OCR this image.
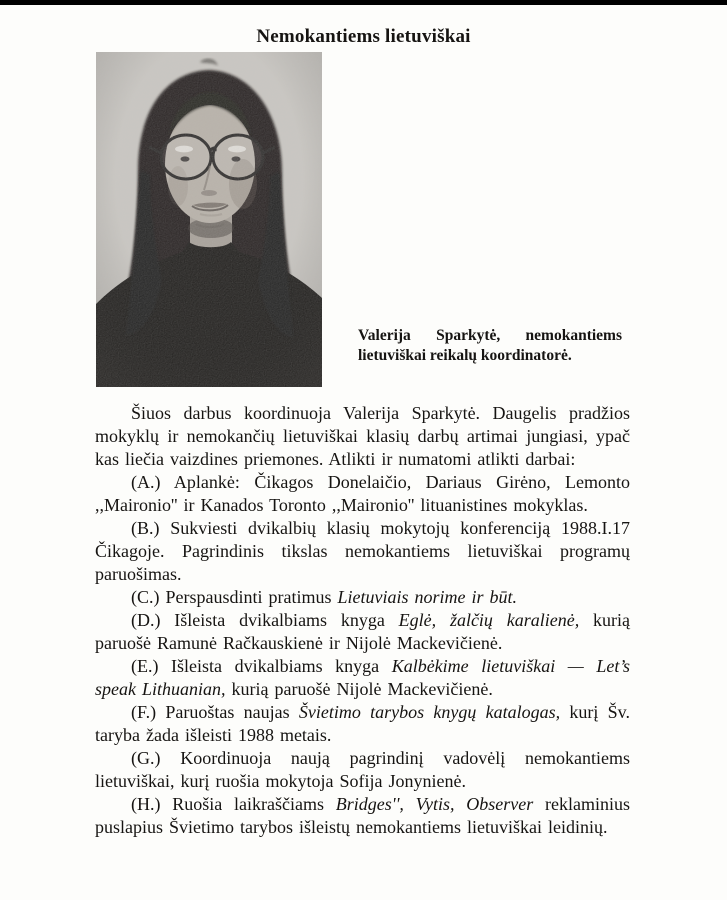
Nemokantiems lietuviškai
Valerija Sparkytė, nemokantiems lietuviškai reikalų koordinatorė.

Šiuos darbus koordinuoja Valerija Sparkytė. Daugelis pradžios mokyklų ir nemokančių lietuviškai klasių darbų artimai jungiasi, ypač kas liečia vaizdines priemones. Atlikti ir numatomi atlikti darbai:

(A.) Aplankė: Čikagos Donelaičio, Dariaus Girėno, Lemonto ,,Maironio'' ir Kanados Toronto ,,Maironio'' lituanistines mokyklas.

(B.) Sukviesti dvikalbių klasių mokytojų konferenciją 1988.I.17 Čikagoje. Pagrindinis tikslas nemokantiems lietuviškai programų paruošimas.

(C.) Perspausdinti pratimus Lietuviais norime ir būt.

(D.) Išleista dvikalbiams knyga Eglė, žalčių karalienė, kurią paruošė Ramunė Račkauskienė ir Nijolė Mackevičienė.

(E.) Išleista dvikalbiams knyga Kalbėkime lietuviškai — Let’s speak Lithuanian, kurią paruošė Nijolė Mackevičienė.

(F.) Paruoštas naujas Švietimo tarybos knygų katalogas, kurį Šv. taryba žada išleisti 1988 metais.

(G.) Koordinuoja naują pagrindinį vadovėlį nemokantiems lietuviškai, kurį ruošia mokytoja Sofija Jonynienė.

(H.) Ruošia laikraščiams Bridges'', Vytis, Observer reklaminius puslapius Švietimo tarybos išleistų nemokantiems lietuviškai leidinių.
